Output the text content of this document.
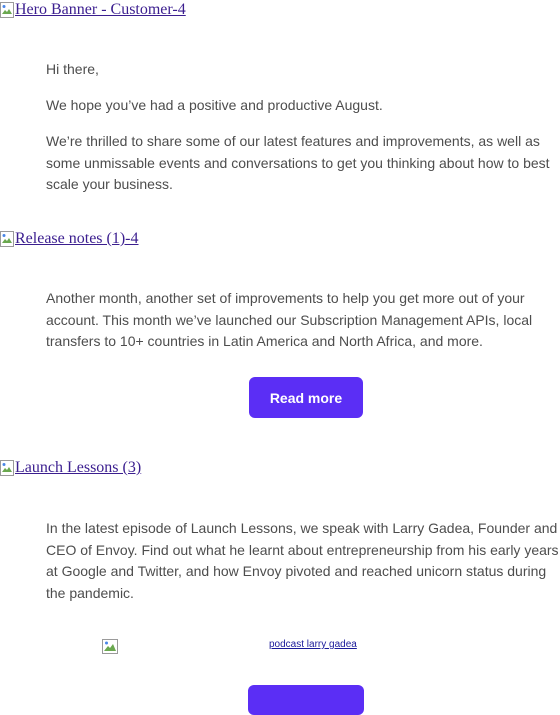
Hero Banner - Customer-4

Hi there,

We hope you’ve had a positive and productive August.

We’re thrilled to share some of our latest features and improvements, as well as some unmissable events and conversations to get you thinking about how to best scale your business.

Release notes (1)-4

Another month, another set of improvements to help you get more out of your account. This month we’ve launched our Subscription Management APIs, local transfers to 10+ countries in Latin America and North Africa, and more.

Read more
Launch Lessons (3)

In the latest episode of Launch Lessons, we speak with Larry Gadea, Founder and CEO of Envoy. Find out what he learnt about entrepreneurship from his early years at Google and Twitter, and how Envoy pivoted and reached unicorn status during the pandemic.

podcast larry gadea
